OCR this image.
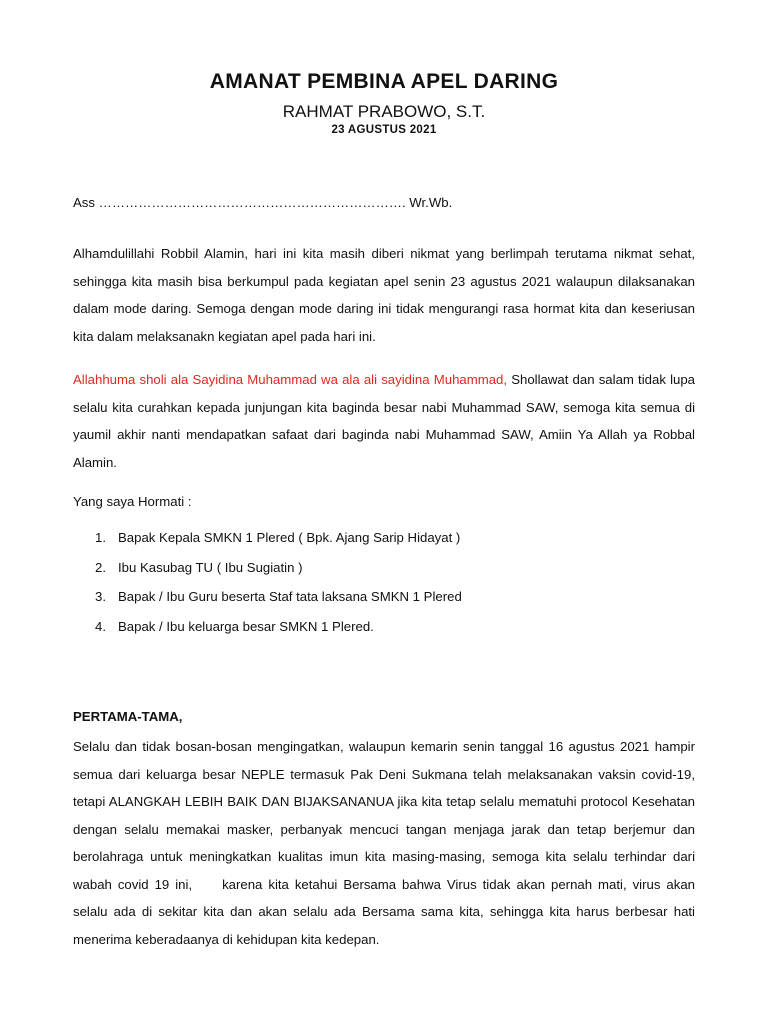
AMANAT PEMBINA APEL DARING
RAHMAT PRABOWO, S.T.
23 AGUSTUS 2021
Ass ……………………………………………………………. Wr.Wb.

Alhamdulillahi Robbil Alamin, hari ini kita masih diberi nikmat yang berlimpah terutama nikmat sehat, sehingga kita masih bisa berkumpul pada kegiatan apel senin 23 agustus 2021 walaupun dilaksanakan dalam mode daring. Semoga dengan mode daring ini tidak mengurangi rasa hormat kita dan keseriusan kita dalam melaksanakn kegiatan apel pada hari ini.

Allahhuma sholi ala Sayidina Muhammad wa ala ali sayidina Muhammad, Shollawat dan salam tidak lupa selalu kita curahkan kepada junjungan kita baginda besar nabi Muhammad SAW, semoga kita semua di yaumil akhir nanti mendapatkan safaat dari baginda nabi Muhammad SAW, Amiin Ya Allah ya Robbal Alamin.

Yang saya Hormati :
1. Bapak Kepala SMKN 1 Plered ( Bpk. Ajang Sarip Hidayat )
2. Ibu Kasubag TU ( Ibu Sugiatin )
3. Bapak / Ibu Guru beserta Staf tata laksana SMKN 1 Plered
4. Bapak / Ibu keluarga besar SMKN 1 Plered.
PERTAMA-TAMA,

Selalu dan tidak bosan-bosan mengingatkan, walaupun kemarin senin tanggal 16 agustus 2021 hampir semua dari keluarga besar NEPLE termasuk Pak Deni Sukmana telah melaksanakan vaksin covid-19, tetapi ALANGKAH LEBIH BAIK DAN BIJAKSANANUA jika kita tetap selalu mematuhi protocol Kesehatan dengan selalu memakai masker, perbanyak mencuci tangan menjaga jarak dan tetap berjemur dan berolahraga untuk meningkatkan kualitas imun kita masing-masing, semoga kita selalu terhindar dari wabah covid 19 ini, karena kita ketahui Bersama bahwa Virus tidak akan pernah mati, virus akan selalu ada di sekitar kita dan akan selalu ada Bersama sama kita, sehingga kita harus berbesar hati menerima keberadaanya di kehidupan kita kedepan.
